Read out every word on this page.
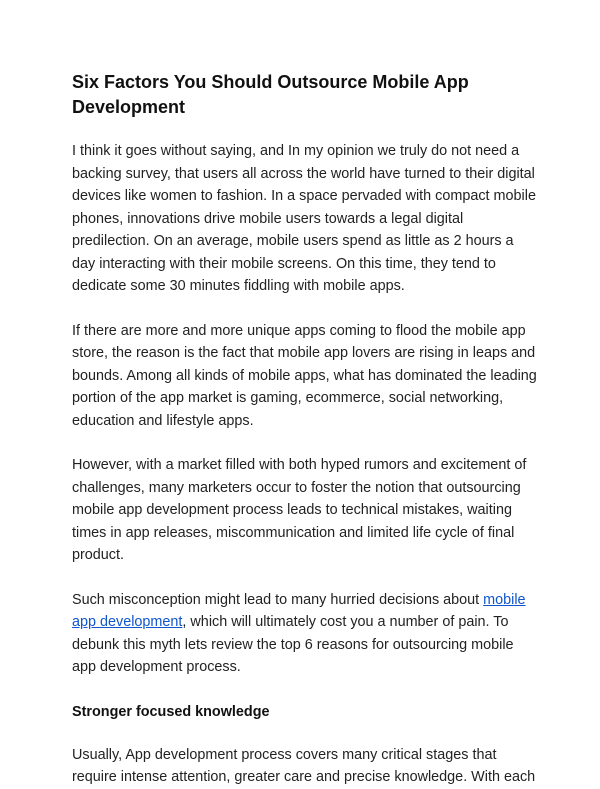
Six Factors You Should Outsource Mobile App Development

I think it goes without saying, and In my opinion we truly do not need a backing survey, that users all across the world have turned to their digital devices like women to fashion. In a space pervaded with compact mobile phones, innovations drive mobile users towards a legal digital predilection. On an average, mobile users spend as little as 2 hours a day interacting with their mobile screens. On this time, they tend to dedicate some 30 minutes fiddling with mobile apps.

If there are more and more unique apps coming to flood the mobile app store, the reason is the fact that mobile app lovers are rising in leaps and bounds. Among all kinds of mobile apps, what has dominated the leading portion of the app market is gaming, ecommerce, social networking, education and lifestyle apps.

However, with a market filled with both hyped rumors and excitement of challenges, many marketers occur to foster the notion that outsourcing mobile app development process leads to technical mistakes, waiting times in app releases, miscommunication and limited life cycle of final product.

Such misconception might lead to many hurried decisions about mobile app development, which will ultimately cost you a number of pain. To debunk this myth lets review the top 6 reasons for outsourcing mobile app development process.

Stronger focused knowledge

Usually, App development process covers many critical stages that require intense attention, greater care and precise knowledge. With each
